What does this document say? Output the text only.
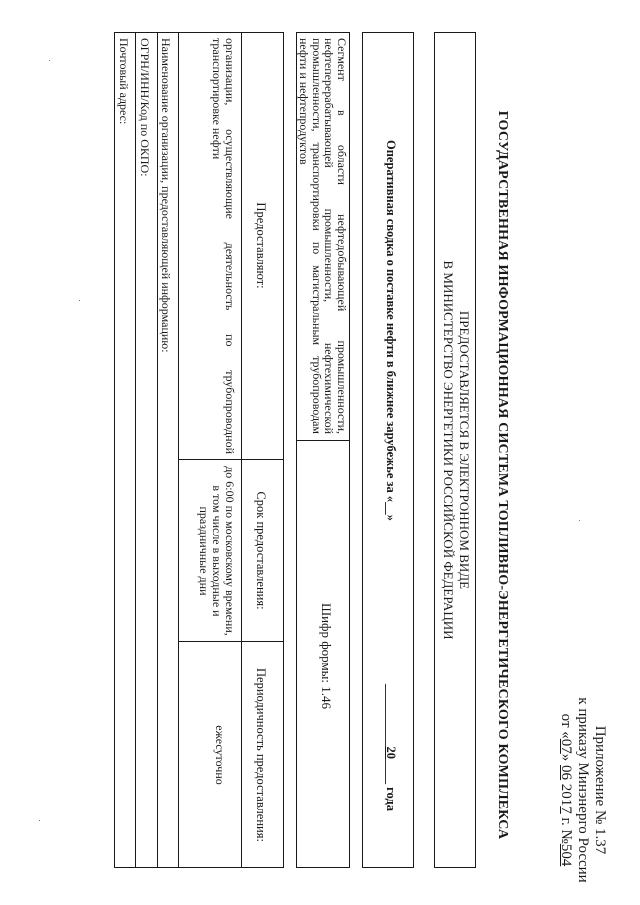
Приложение № 1.37
к приказу Минэнерго России
от «07» 06 2017 г. №504
ГОСУДАРСТВЕННАЯ ИНФОРМАЦИОННАЯ СИСТЕМА ТОПЛИВНО-ЭНЕРГЕТИЧЕСКОГО КОМПЛЕКСА
ПРЕДОСТАВЛЯЕТСЯ В ЭЛЕКТРОННОМ ВИДЕ
В МИНИСТЕРСТВО ЭНЕРГЕТИКИ РОССИЙСКОЙ ФЕДЕРАЦИИ
Оперативная сводка о поставке нефти в ближнее зарубежье за «__»
__________20____ года
Сегмент в области нефтедобывающей промышленности, нефтеперерабатывающей промышленности, нефтехимической промышленности, транспортировки по магистральным трубопроводам нефти и нефтепродуктов
Шифр формы: 1.46
Предоставляют:
Срок предоставления:
Периодичность предоставления:
организации, осуществляющие деятельность по трубопроводной транспортировке нефти
до 6:00 по московскому времени, в том числе в выходные и праздничные дни
ежесуточно
Наименование организации, предоставляющей информацию:
ОГРН/ИНН/Код по ОКПО:
Почтовый адрес:
